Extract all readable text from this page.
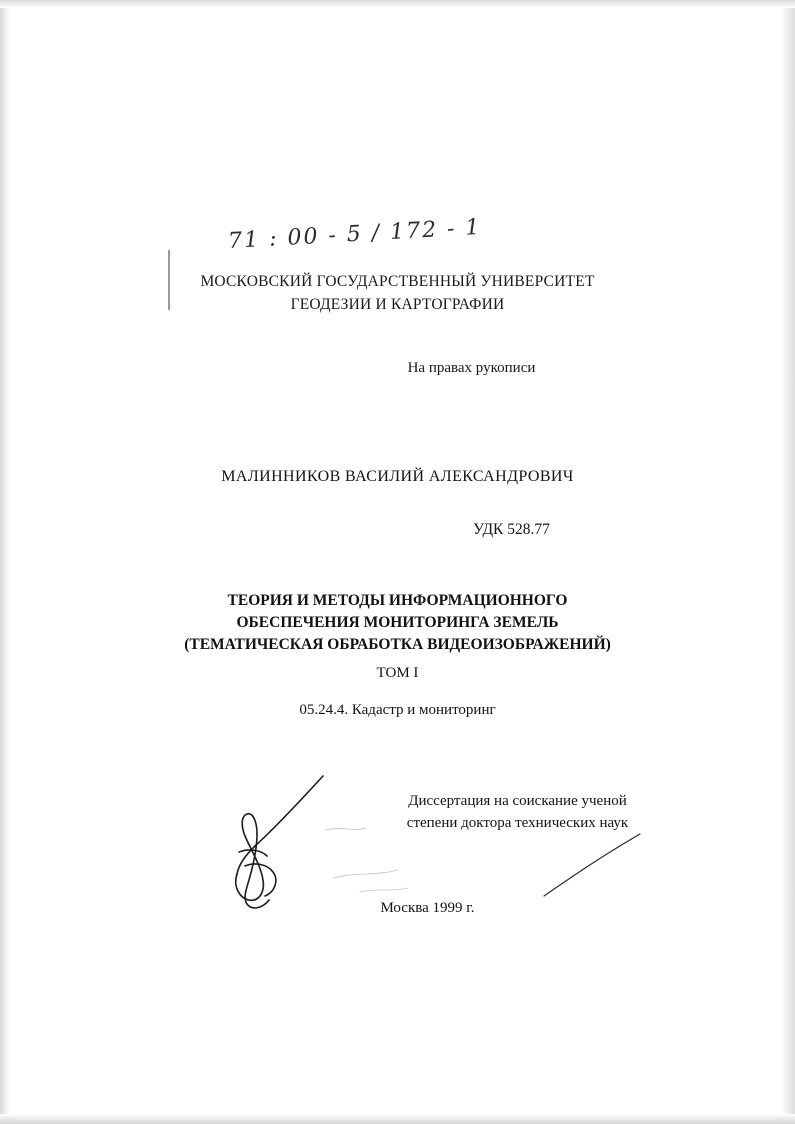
71 : 00 - 5 / 172 - 1
МОСКОВСКИЙ ГОСУДАРСТВЕННЫЙ УНИВЕРСИТЕТ
ГЕОДЕЗИИ И КАРТОГРАФИИ
На правах рукописи
МАЛИННИКОВ ВАСИЛИЙ АЛЕКСАНДРОВИЧ
УДК 528.77
ТЕОРИЯ И МЕТОДЫ ИНФОРМАЦИОННОГО
ОБЕСПЕЧЕНИЯ МОНИТОРИНГА ЗЕМЕЛЬ
(ТЕМАТИЧЕСКАЯ ОБРАБОТКА ВИДЕОИЗОБРАЖЕНИЙ)
ТОМ I
05.24.4. Кадастр и мониторинг
Диссертация на соискание ученой
степени доктора технических наук
Москва 1999 г.
